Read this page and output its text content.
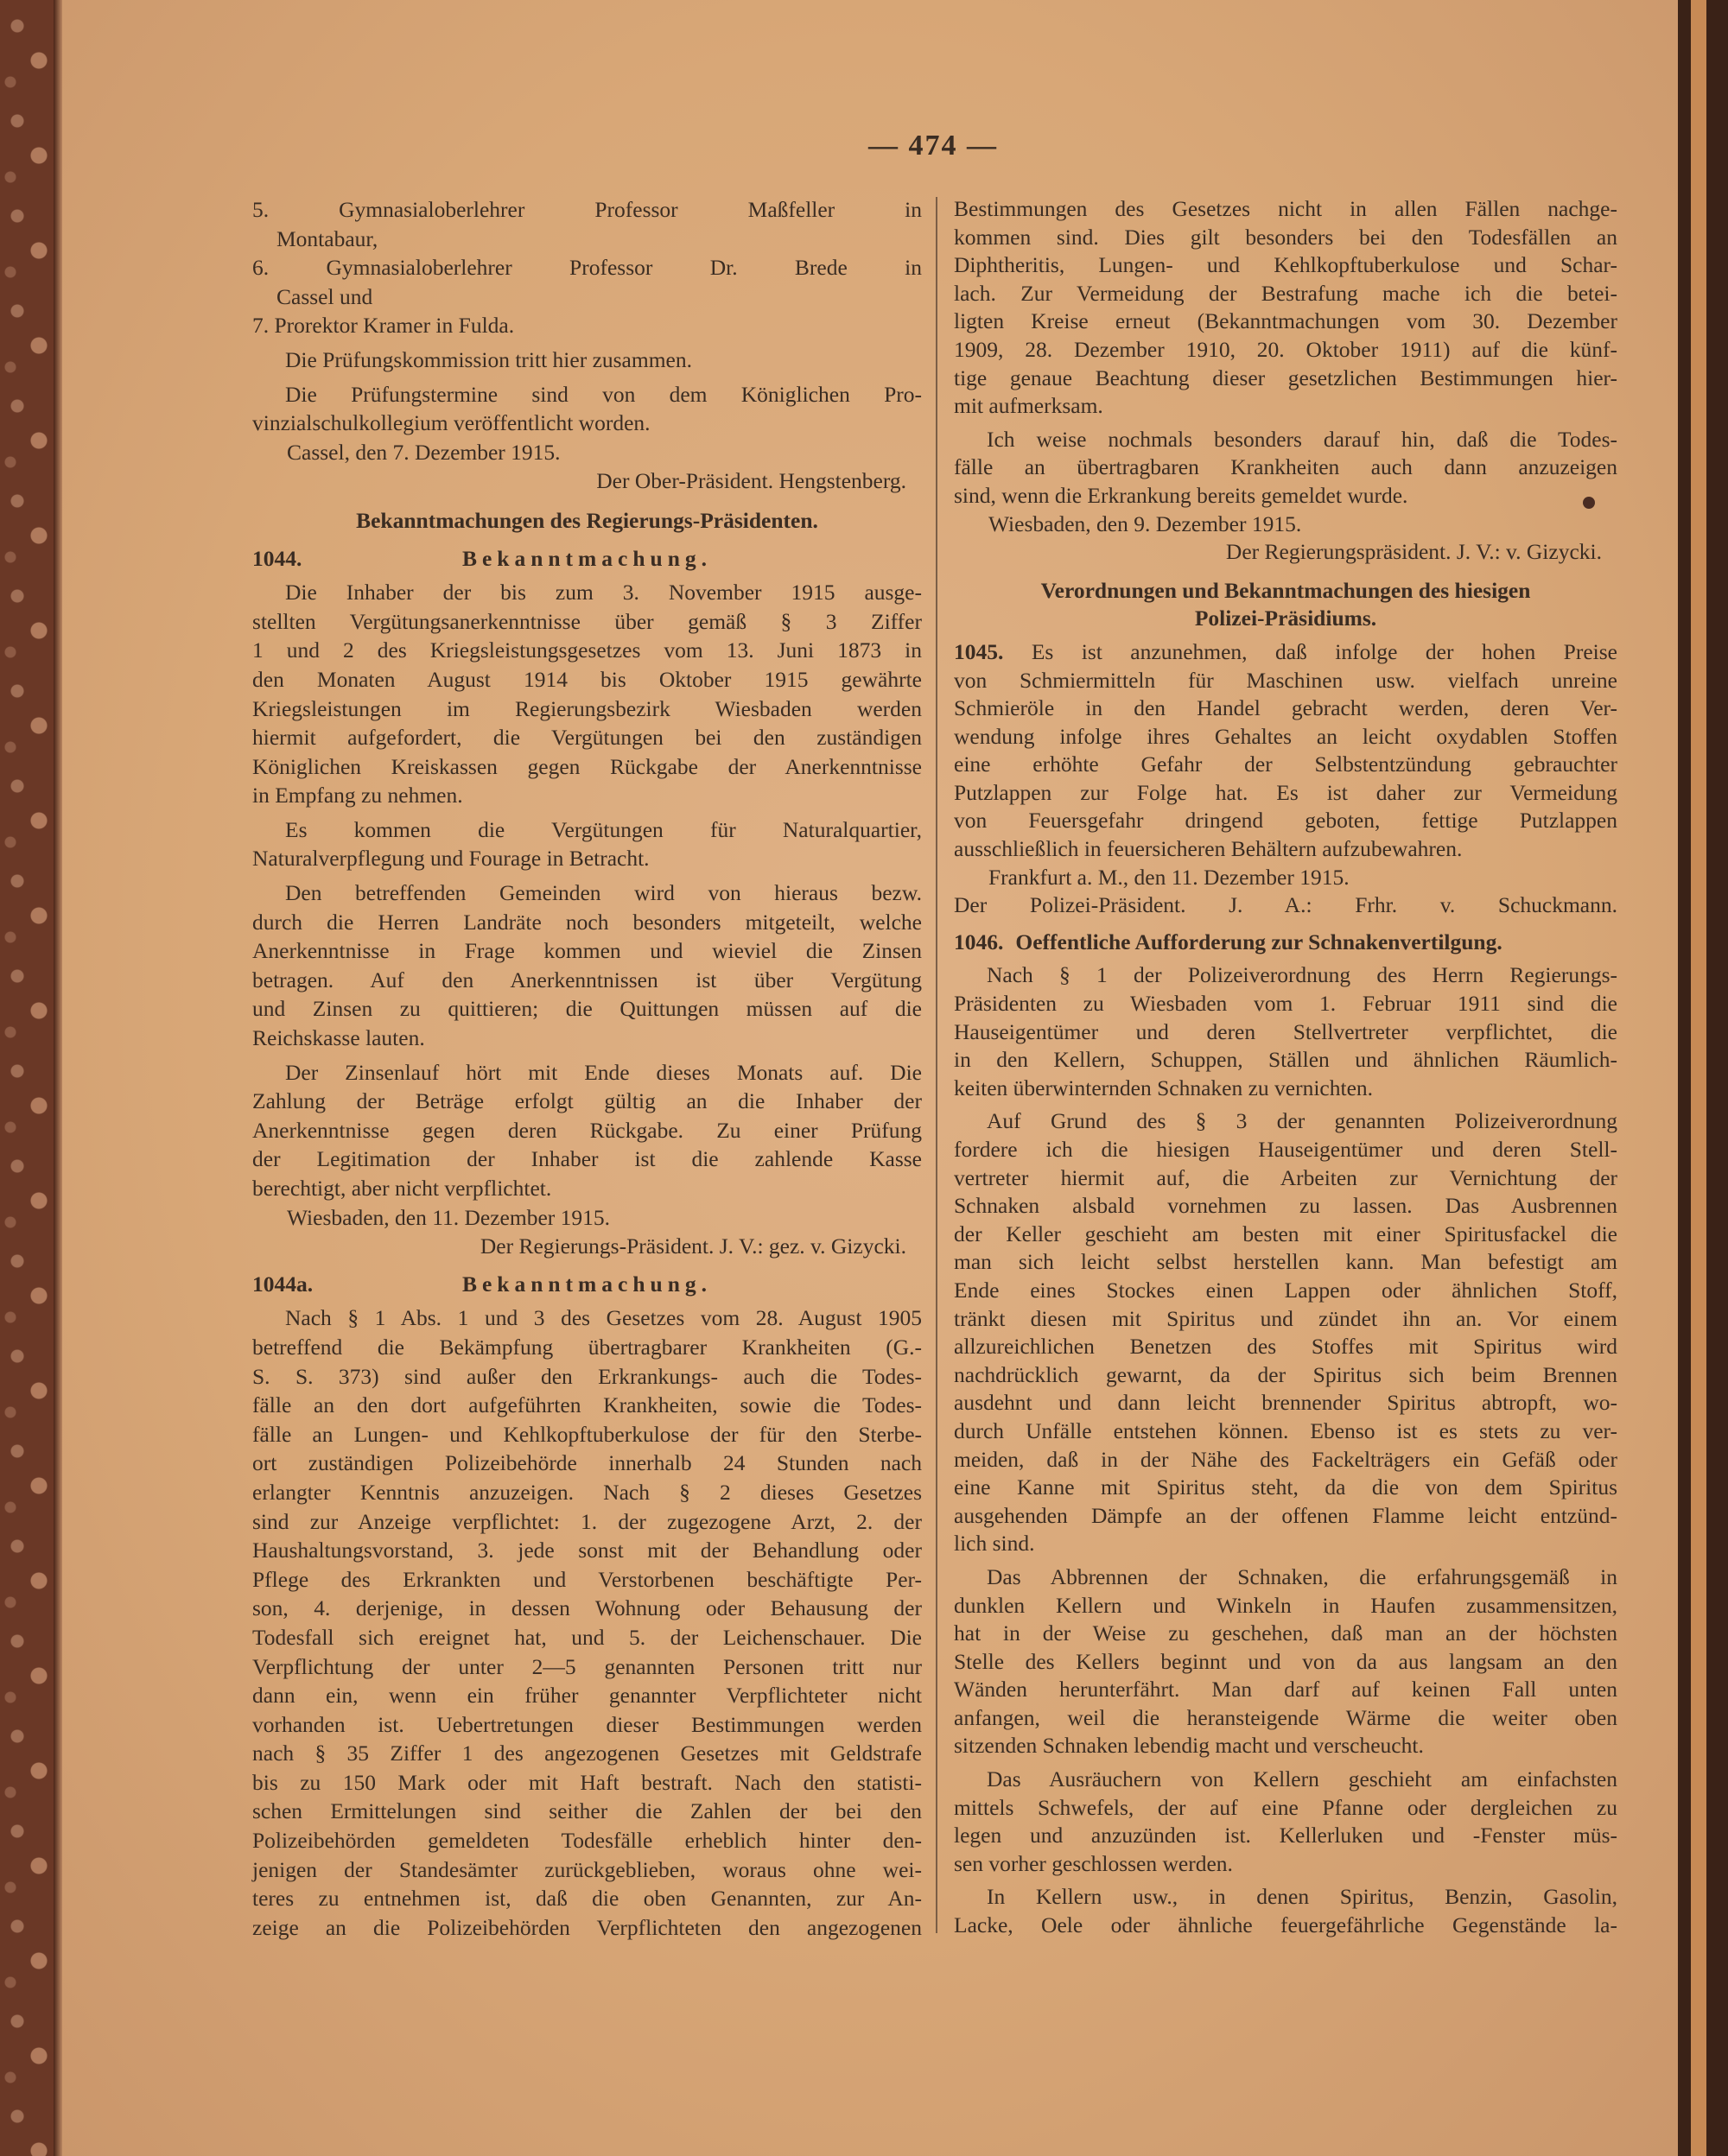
— 474 —
5. Gymnasialoberlehrer Professor Maßfeller in
Montabaur,
6. Gymnasialoberlehrer Professor Dr. Brede in
Cassel und
7. Prorektor Kramer in Fulda.
Die Prüfungskommission tritt hier zusammen.
Die Prüfungstermine sind von dem Königlichen Pro-
vinzialschulkollegium veröffentlicht worden.
Cassel, den 7. Dezember 1915.
Der Ober-Präsident. Hengstenberg.
Bekanntmachungen des Regierungs-Präsidenten.
1044.	Bekanntmachung.
Die Inhaber der bis zum 3. November 1915 ausge-
stellten Vergütungsanerkenntnisse über gemäß § 3 Ziffer
1 und 2 des Kriegsleistungsgesetzes vom 13. Juni 1873 in
den Monaten August 1914 bis Oktober 1915 gewährte
Kriegsleistungen im Regierungsbezirk Wiesbaden werden
hiermit aufgefordert, die Vergütungen bei den zuständigen
Königlichen Kreiskassen gegen Rückgabe der Anerkenntnisse
in Empfang zu nehmen.
Es kommen die Vergütungen für Naturalquartier,
Naturalverpflegung und Fourage in Betracht.
Den betreffenden Gemeinden wird von hieraus bezw.
durch die Herren Landräte noch besonders mitgeteilt, welche
Anerkenntnisse in Frage kommen und wieviel die Zinsen
betragen. Auf den Anerkenntnissen ist über Vergütung
und Zinsen zu quittieren; die Quittungen müssen auf die
Reichskasse lauten.
Der Zinsenlauf hört mit Ende dieses Monats auf. Die
Zahlung der Beträge erfolgt gültig an die Inhaber der
Anerkenntnisse gegen deren Rückgabe. Zu einer Prüfung
der Legitimation der Inhaber ist die zahlende Kasse
berechtigt, aber nicht verpflichtet.
Wiesbaden, den 11. Dezember 1915.
Der Regierungs-Präsident. J. V.: gez. v. Gizycki.
1044a.	Bekanntmachung.
Nach § 1 Abs. 1 und 3 des Gesetzes vom 28. August 1905
betreffend die Bekämpfung übertragbarer Krankheiten (G.-
S. S. 373) sind außer den Erkrankungs- auch die Todes-
fälle an den dort aufgeführten Krankheiten, sowie die Todes-
fälle an Lungen- und Kehlkopftuberkulose der für den Sterbe-
ort zuständigen Polizeibehörde innerhalb 24 Stunden nach
erlangter Kenntnis anzuzeigen. Nach § 2 dieses Gesetzes
sind zur Anzeige verpflichtet: 1. der zugezogene Arzt, 2. der
Haushaltungsvorstand, 3. jede sonst mit der Behandlung oder
Pflege des Erkrankten und Verstorbenen beschäftigte Per-
son, 4. derjenige, in dessen Wohnung oder Behausung der
Todesfall sich ereignet hat, und 5. der Leichenschauer. Die
Verpflichtung der unter 2—5 genannten Personen tritt nur
dann ein, wenn ein früher genannter Verpflichteter nicht
vorhanden ist. Uebertretungen dieser Bestimmungen werden
nach § 35 Ziffer 1 des angezogenen Gesetzes mit Geldstrafe
bis zu 150 Mark oder mit Haft bestraft. Nach den statisti-
schen Ermittelungen sind seither die Zahlen der bei den
Polizeibehörden gemeldeten Todesfälle erheblich hinter den-
jenigen der Standesämter zurückgeblieben, woraus ohne wei-
teres zu entnehmen ist, daß die oben Genannten, zur An-
zeige an die Polizeibehörden Verpflichteten den angezogenen
Bestimmungen des Gesetzes nicht in allen Fällen nachge-
kommen sind. Dies gilt besonders bei den Todesfällen an
Diphtheritis, Lungen- und Kehlkopftuberkulose und Schar-
lach. Zur Vermeidung der Bestrafung mache ich die betei-
ligten Kreise erneut (Bekanntmachungen vom 30. Dezember
1909, 28. Dezember 1910, 20. Oktober 1911) auf die künf-
tige genaue Beachtung dieser gesetzlichen Bestimmungen hier-
mit aufmerksam.
Ich weise nochmals besonders darauf hin, daß die Todes-
fälle an übertragbaren Krankheiten auch dann anzuzeigen
sind, wenn die Erkrankung bereits gemeldet wurde.
Wiesbaden, den 9. Dezember 1915.
Der Regierungspräsident. J. V.: v. Gizycki.
Verordnungen und Bekanntmachungen des hiesigen
Polizei-Präsidiums.
1045. Es ist anzunehmen, daß infolge der hohen Preise
von Schmiermitteln für Maschinen usw. vielfach unreine
Schmieröle in den Handel gebracht werden, deren Ver-
wendung infolge ihres Gehaltes an leicht oxydablen Stoffen
eine erhöhte Gefahr der Selbstentzündung gebrauchter
Putzlappen zur Folge hat. Es ist daher zur Vermeidung
von Feuersgefahr dringend geboten, fettige Putzlappen
ausschließlich in feuersicheren Behältern aufzubewahren.
Frankfurt a. M., den 11. Dezember 1915.
Der Polizei-Präsident. J. A.: Frhr. v. Schuckmann.
1046. Oeffentliche Aufforderung zur Schnakenvertilgung.
Nach § 1 der Polizeiverordnung des Herrn Regierungs-
Präsidenten zu Wiesbaden vom 1. Februar 1911 sind die
Hauseigentümer und deren Stellvertreter verpflichtet, die
in den Kellern, Schuppen, Ställen und ähnlichen Räumlich-
keiten überwinternden Schnaken zu vernichten.
Auf Grund des § 3 der genannten Polizeiverordnung
fordere ich die hiesigen Hauseigentümer und deren Stell-
vertreter hiermit auf, die Arbeiten zur Vernichtung der
Schnaken alsbald vornehmen zu lassen. Das Ausbrennen
der Keller geschieht am besten mit einer Spiritusfackel die
man sich leicht selbst herstellen kann. Man befestigt am
Ende eines Stockes einen Lappen oder ähnlichen Stoff,
tränkt diesen mit Spiritus und zündet ihn an. Vor einem
allzureichlichen Benetzen des Stoffes mit Spiritus wird
nachdrücklich gewarnt, da der Spiritus sich beim Brennen
ausdehnt und dann leicht brennender Spiritus abtropft, wo-
durch Unfälle entstehen können. Ebenso ist es stets zu ver-
meiden, daß in der Nähe des Fackelträgers ein Gefäß oder
eine Kanne mit Spiritus steht, da die von dem Spiritus
ausgehenden Dämpfe an der offenen Flamme leicht entzünd-
lich sind.
Das Abbrennen der Schnaken, die erfahrungsgemäß in
dunklen Kellern und Winkeln in Haufen zusammensitzen,
hat in der Weise zu geschehen, daß man an der höchsten
Stelle des Kellers beginnt und von da aus langsam an den
Wänden herunterfährt. Man darf auf keinen Fall unten
anfangen, weil die heransteigende Wärme die weiter oben
sitzenden Schnaken lebendig macht und verscheucht.
Das Ausräuchern von Kellern geschieht am einfachsten
mittels Schwefels, der auf eine Pfanne oder dergleichen zu
legen und anzuzünden ist. Kellerluken und -Fenster müs-
sen vorher geschlossen werden.
In Kellern usw., in denen Spiritus, Benzin, Gasolin,
Lacke, Oele oder ähnliche feuergefährliche Gegenstände la-
